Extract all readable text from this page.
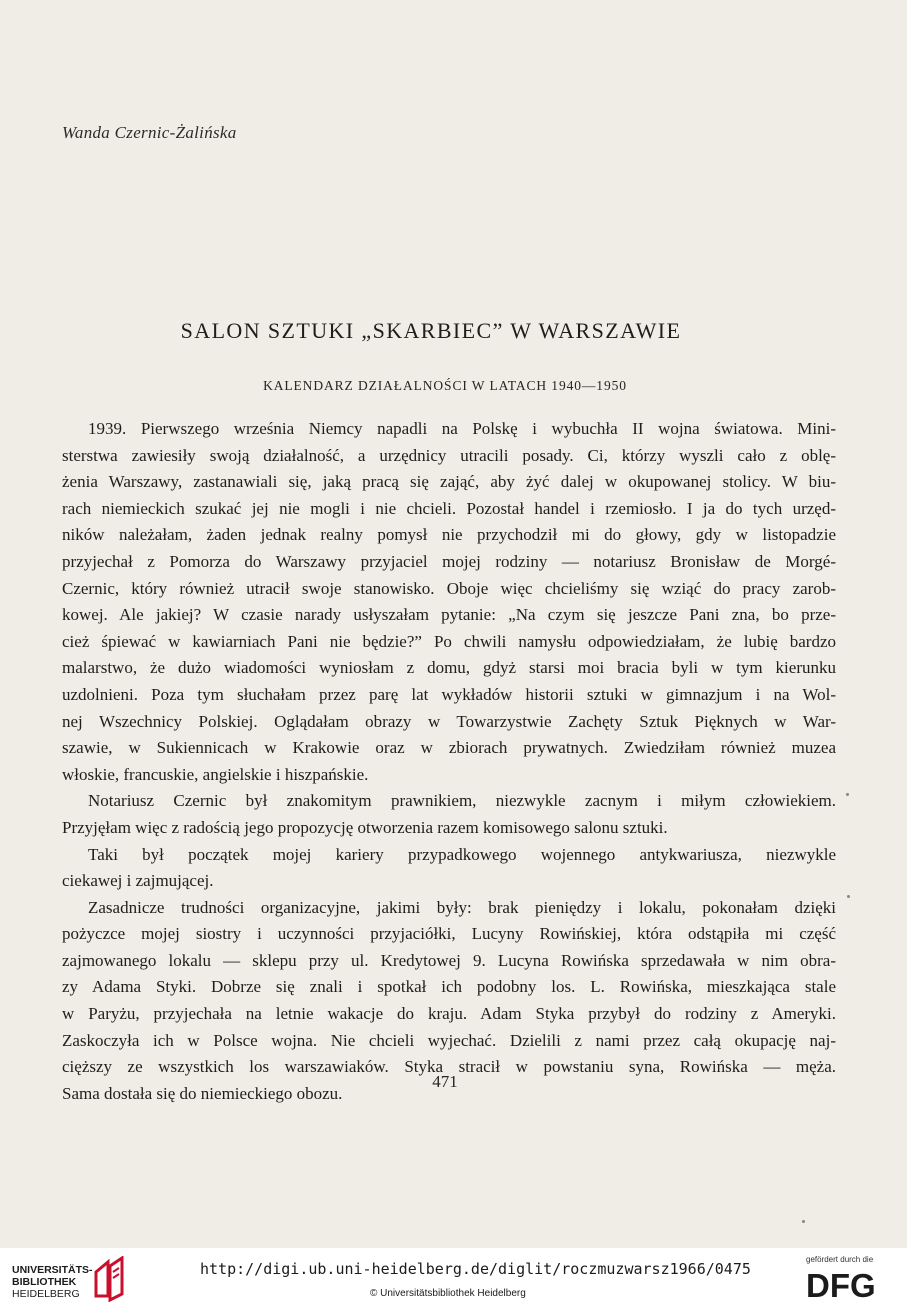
Wanda Czernic-Żalińska
SALON SZTUKI „SKARBIEC” W WARSZAWIE
KALENDARZ DZIAŁALNOŚCI W LATACH 1940—1950
1939. Pierwszego września Niemcy napadli na Polskę i wybuchła II wojna światowa. Mini-
sterstwa zawiesiły swoją działalność, a urzędnicy utracili posady. Ci, którzy wyszli cało z oblę-
żenia Warszawy, zastanawiali się, jaką pracą się zająć, aby żyć dalej w okupowanej stolicy. W biu-
rach niemieckich szukać jej nie mogli i nie chcieli. Pozostał handel i rzemiosło. I ja do tych urzęd-
ników należałam, żaden jednak realny pomysł nie przychodził mi do głowy, gdy w listopadzie
przyjechał z Pomorza do Warszawy przyjaciel mojej rodziny — notariusz Bronisław de Morgé-
Czernic, który również utracił swoje stanowisko. Oboje więc chcieliśmy się wziąć do pracy zarob-
kowej. Ale jakiej? W czasie narady usłyszałam pytanie: „Na czym się jeszcze Pani zna, bo prze-
cież śpiewać w kawiarniach Pani nie będzie?” Po chwili namysłu odpowiedziałam, że lubię bardzo
malarstwo, że dużo wiadomości wyniosłam z domu, gdyż starsi moi bracia byli w tym kierunku
uzdolnieni. Poza tym słuchałam przez parę lat wykładów historii sztuki w gimnazjum i na Wol-
nej Wszechnicy Polskiej. Oglądałam obrazy w Towarzystwie Zachęty Sztuk Pięknych w War-
szawie, w Sukiennicach w Krakowie oraz w zbiorach prywatnych. Zwiedziłam również muzea
włoskie, francuskie, angielskie i hiszpańskie.
Notariusz Czernic był znakomitym prawnikiem, niezwykle zacnym i miłym człowiekiem.
Przyjęłam więc z radością jego propozycję otworzenia razem komisowego salonu sztuki.
Taki był początek mojej kariery przypadkowego wojennego antykwariusza, niezwykle
ciekawej i zajmującej.
Zasadnicze trudności organizacyjne, jakimi były: brak pieniędzy i lokalu, pokonałam dzięki
pożyczce mojej siostry i uczynności przyjaciółki, Lucyny Rowińskiej, która odstąpiła mi część
zajmowanego lokalu — sklepu przy ul. Kredytowej 9. Lucyna Rowińska sprzedawała w nim obra-
zy Adama Styki. Dobrze się znali i spotkał ich podobny los. L. Rowińska, mieszkająca stale
w Paryżu, przyjechała na letnie wakacje do kraju. Adam Styka przybył do rodziny z Ameryki.
Zaskoczyła ich w Polsce wojna. Nie chcieli wyjechać. Dzielili z nami przez całą okupację naj-
cięższy ze wszystkich los warszawiaków. Styka stracił w powstaniu syna, Rowińska — męża.
Sama dostała się do niemieckiego obozu.
471
UNIVERSITÄTS-
BIBLIOTHEK
HEIDELBERG
http://digi.ub.uni-heidelberg.de/diglit/roczmuzwarsz1966/0475
© Universitätsbibliothek Heidelberg
gefördert durch die
DFG
